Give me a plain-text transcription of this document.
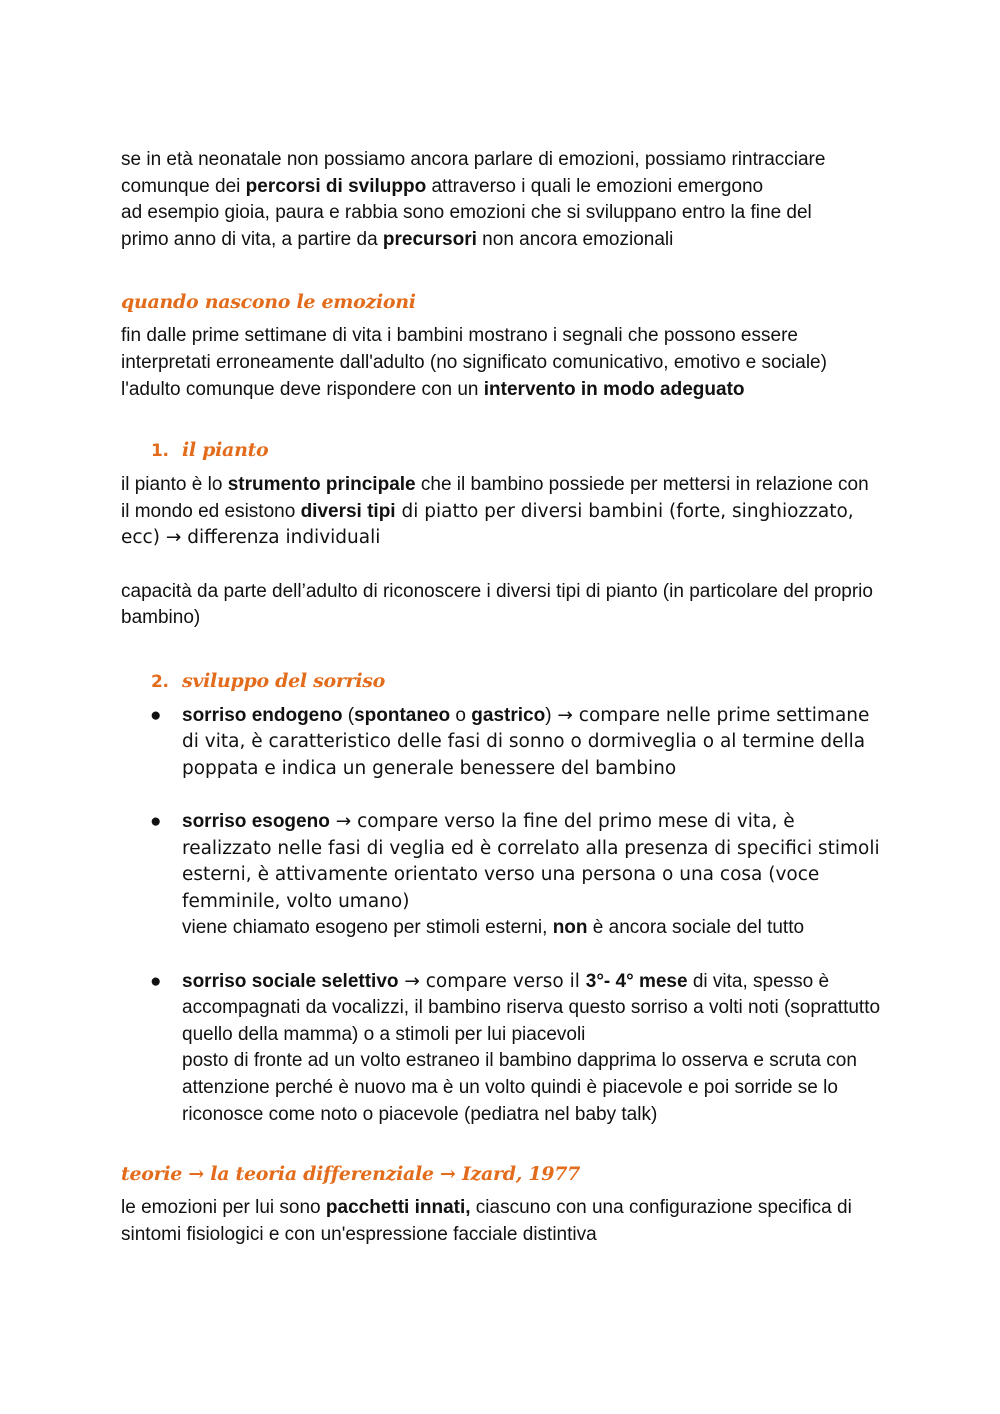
se in età neonatale non possiamo ancora parlare di emozioni, possiamo rintracciare
comunque dei percorsi di sviluppo attraverso i quali le emozioni emergono
ad esempio gioia, paura e rabbia sono emozioni che si sviluppano entro la fine del
primo anno di vita, a partire da precursori non ancora emozionali

quando nascono le emozioni

fin dalle prime settimane di vita i bambini mostrano i segnali che possono essere
interpretati erroneamente dall'adulto (no significato comunicativo, emotivo e sociale)
l'adulto comunque deve rispondere con un intervento in modo adeguato

1. il pianto

il pianto è lo strumento principale che il bambino possiede per mettersi in relazione con il mondo ed esistono diversi tipi di piatto per diversi bambini (forte, singhiozzato, ecc) → differenza individuali

capacità da parte dell’adulto di riconoscere i diversi tipi di pianto (in particolare del proprio bambino)

2. sviluppo del sorriso
● sorriso endogeno (spontaneo o gastrico) → compare nelle prime settimane di vita, è caratteristico delle fasi di sonno o dormiveglia o al termine della poppata e indica un generale benessere del bambino
● sorriso esogeno → compare verso la fine del primo mese di vita, è realizzato nelle fasi di veglia ed è correlato alla presenza di specifici stimoli esterni, è attivamente orientato verso una persona o una cosa (voce femminile, volto umano)
viene chiamato esogeno per stimoli esterni, non è ancora sociale del tutto
● sorriso sociale selettivo → compare verso il 3°- 4° mese di vita, spesso è accompagnati da vocalizzi, il bambino riserva questo sorriso a volti noti (soprattutto quello della mamma) o a stimoli per lui piacevoli
posto di fronte ad un volto estraneo il bambino dapprima lo osserva e scruta con attenzione perché è nuovo ma è un volto quindi è piacevole e poi sorride se lo riconosce come noto o piacevole (pediatra nel baby talk)
teorie → la teoria differenziale → Izard, 1977

le emozioni per lui sono pacchetti innati, ciascuno con una configurazione specifica di sintomi fisiologici e con un'espressione facciale distintiva
